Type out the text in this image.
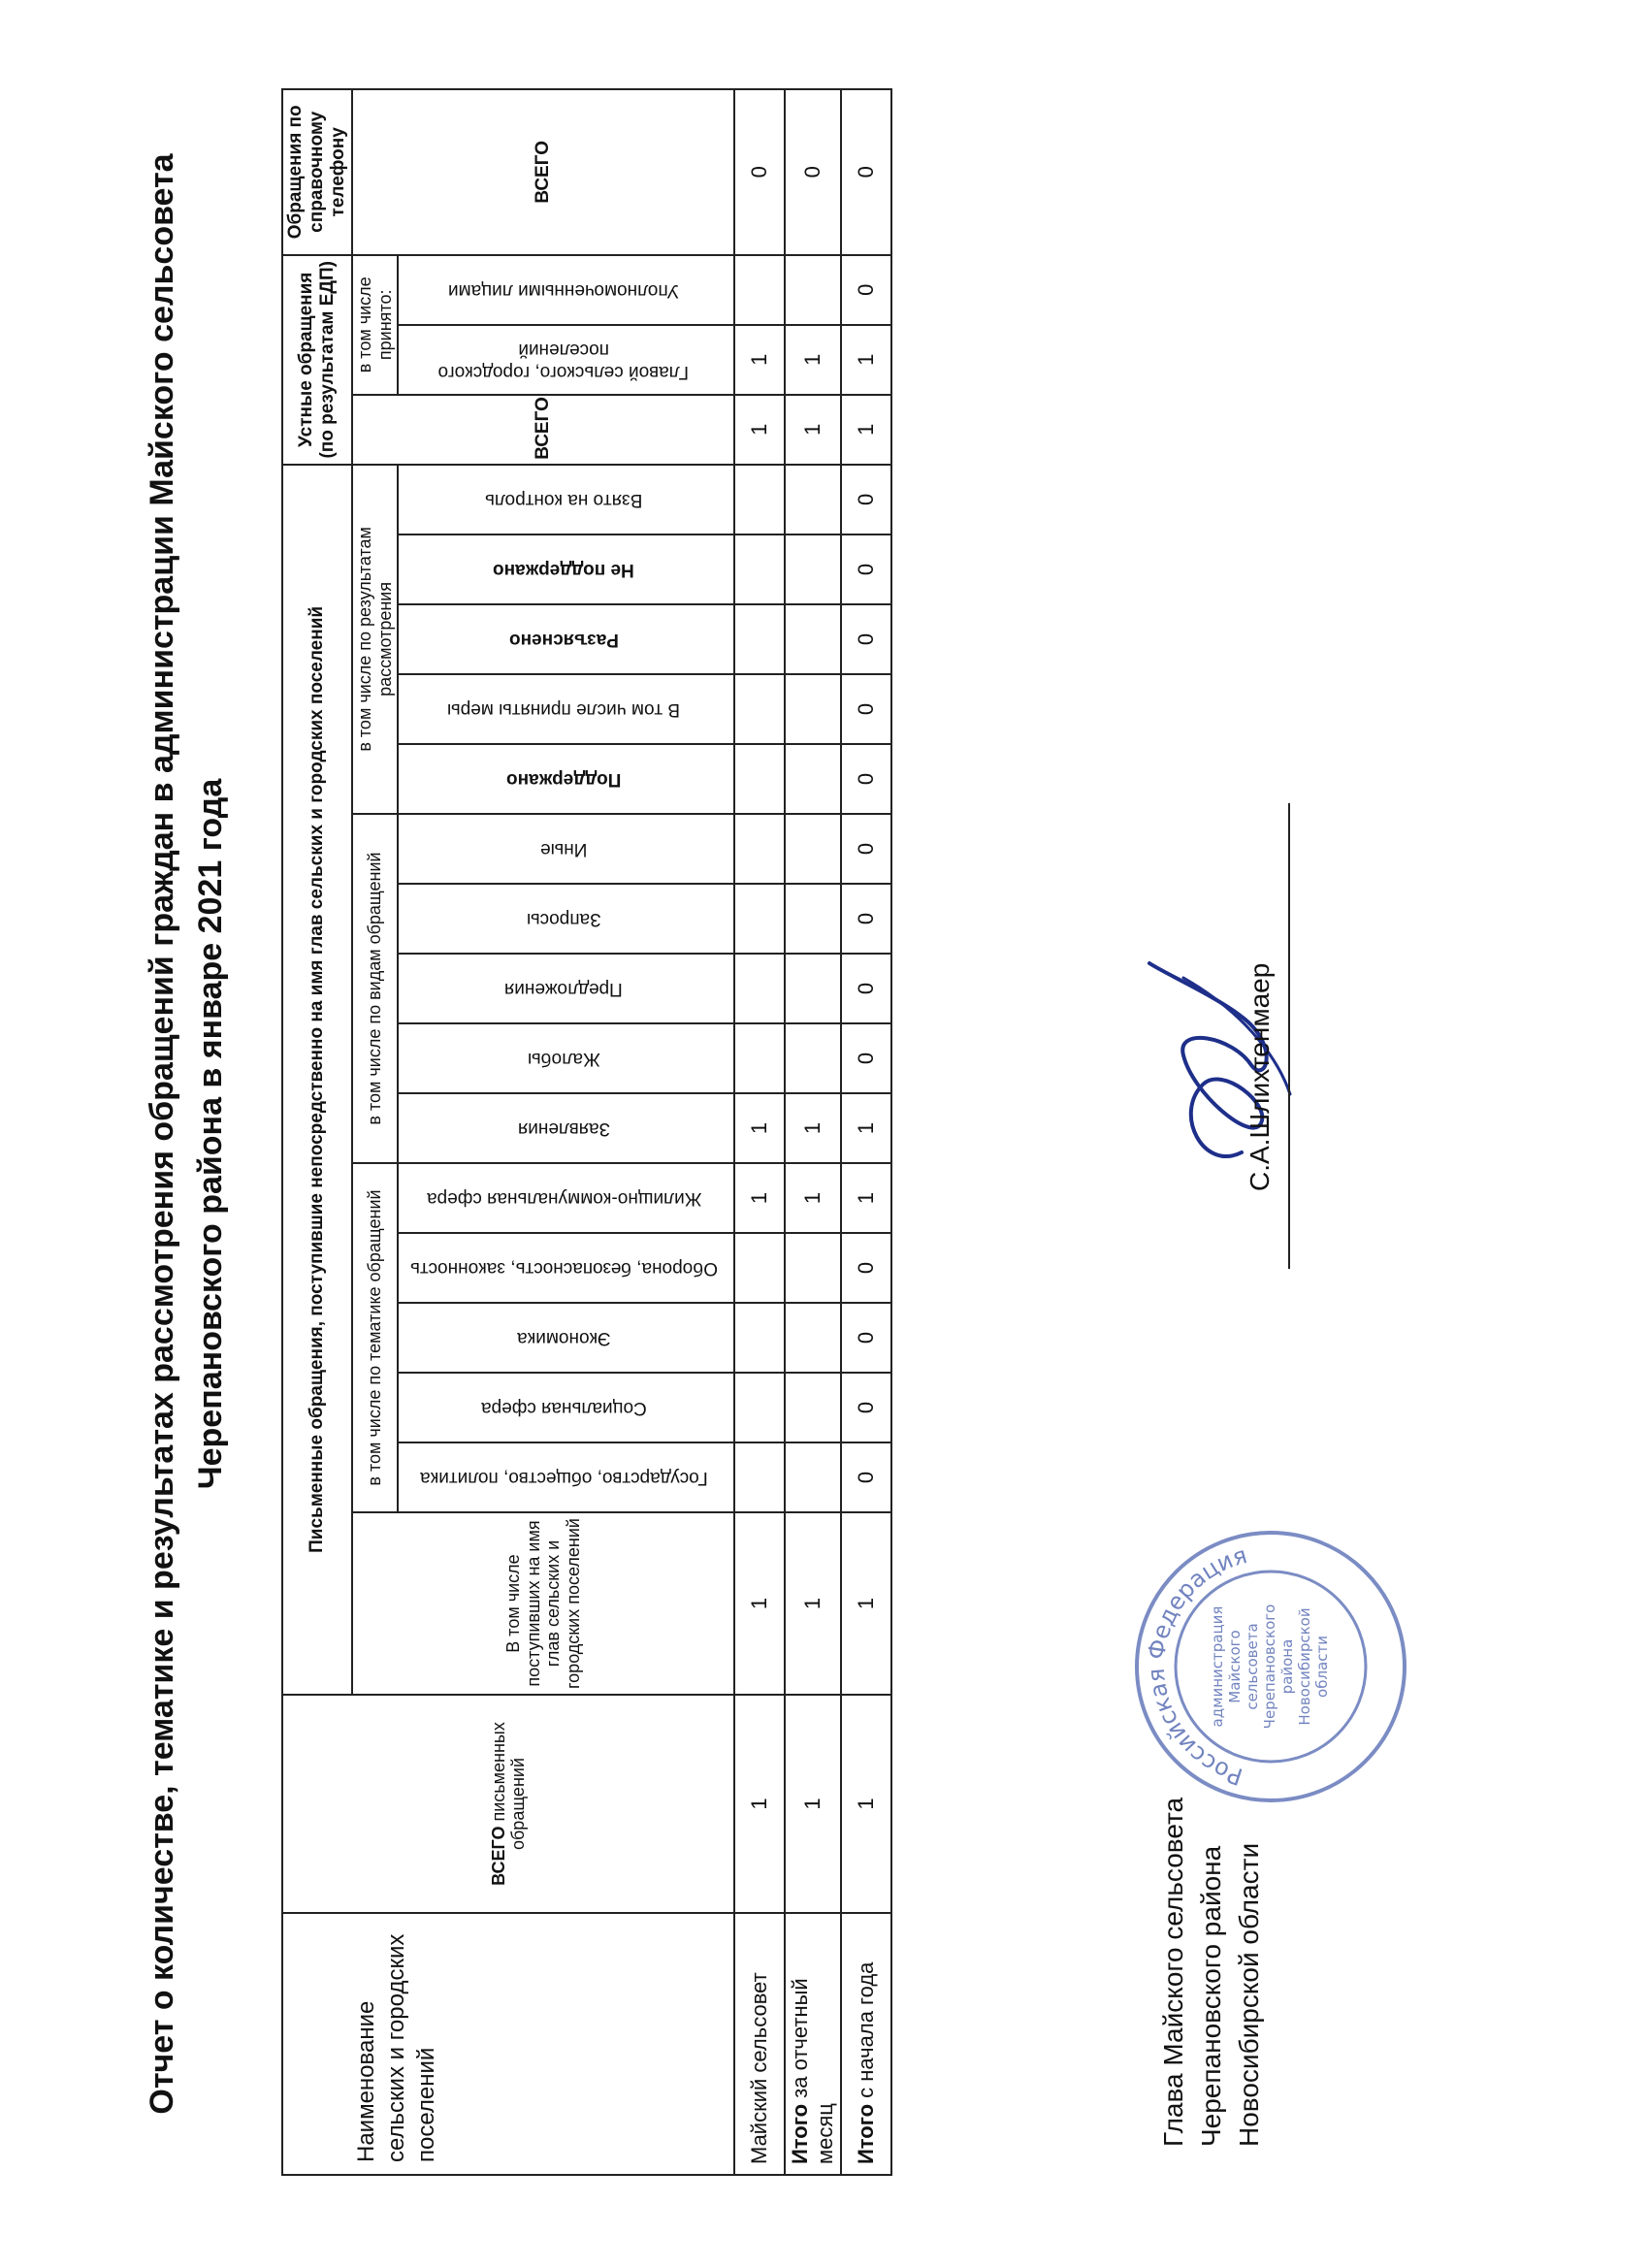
Отчет о количестве, тематике и результатах рассмотрения обращений граждан в администрации Майского сельсовета Черепановского района в январе 2021 года
Наименование сельских и городских поселений	ВСЕГО письменных обращений	Письменные обращения, поступившие непосредственно на имя глав сельских и городских поселений																Устные обращения (по результатам ЕДП)			Обращения по справочному телефону
		В том числе поступивших на имя глав сельских и городских поселений	в том числе по тематике обращений					в том числе по видам обращений					в том числе по результатам рассмотрения					ВСЕГО	в том числе принято:		ВСЕГО
			Государство, общество, политика	Социальная сфера	Экономика	Оборона, безопасность, законность	Жилищно-коммунальная сфера	Заявления	Жалобы	Предложения	Запросы	Иные	Поддержано	В том числе приняты меры	Разъяснено	Не поддержано	Взято на контроль		Главой сельского, городского поселений	Уполномоченными лицами	
Майский сельсовет	1	1					1	1										1	1		0
Итого за отчетный месяц	1	1					1	1										1	1		0
Итого с начала года	1	1	0	0	0	0	1	1	0	0	0	0	0	0	0	0	0	1	1	0	0
Российская Федерация
администрация Майского сельсовета Черепановского района Новосибирской области
Глава Майского сельсовета Черепановского района Новосибирской области
С.А.Шлихтенмаер
